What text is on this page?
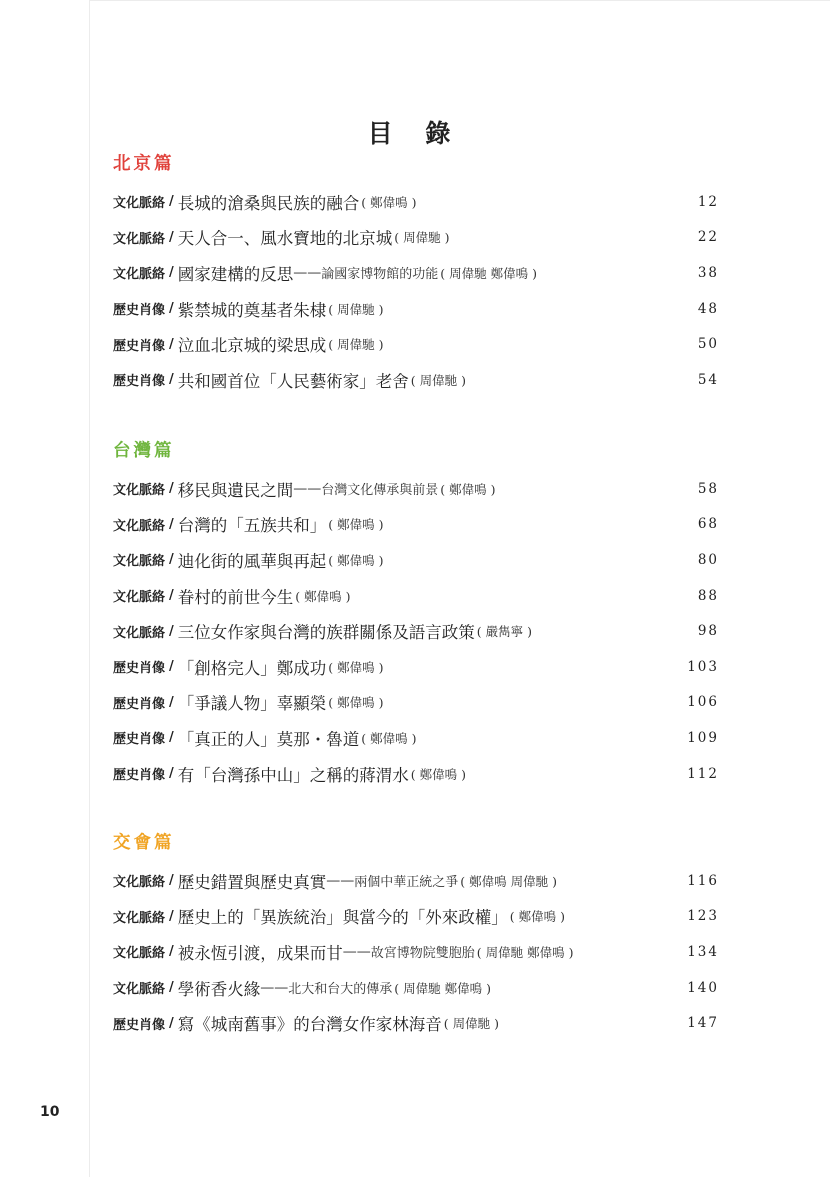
目 錄
北京篇
文化脈絡 / 長城的滄桑與民族的融合 ( 鄭偉鳴 )	12
文化脈絡 / 天人合一、風水寶地的北京城 ( 周偉馳 )	22
文化脈絡 / 國家建構的反思 —— 論國家博物館的功能 ( 周偉馳 鄭偉鳴 )	38
歷史肖像 / 紫禁城的奠基者朱棣 ( 周偉馳 )	48
歷史肖像 / 泣血北京城的梁思成 ( 周偉馳 )	50
歷史肖像 / 共和國首位「人民藝術家」老舍 ( 周偉馳 )	54
台灣篇
文化脈絡 / 移民與遺民之間 —— 台灣文化傳承與前景 ( 鄭偉鳴 )	58
文化脈絡 / 台灣的「五族共和」 ( 鄭偉鳴 )	68
文化脈絡 / 迪化街的風華與再起 ( 鄭偉鳴 )	80
文化脈絡 / 眷村的前世今生 ( 鄭偉鳴 )	88
文化脈絡 / 三位女作家與台灣的族群關係及語言政策 ( 嚴雋寧 )	98
歷史肖像 / 「創格完人」鄭成功 ( 鄭偉鳴 )	103
歷史肖像 / 「爭議人物」辜顯榮 ( 鄭偉鳴 )	106
歷史肖像 / 「真正的人」莫那・魯道 ( 鄭偉鳴 )	109
歷史肖像 / 有「台灣孫中山」之稱的蔣渭水 ( 鄭偉鳴 )	112
交會篇
文化脈絡 / 歷史錯置與歷史真實 —— 兩個中華正統之爭 ( 鄭偉鳴 周偉馳 )	116
文化脈絡 / 歷史上的「異族統治」與當今的「外來政權」 ( 鄭偉鳴 )	123
文化脈絡 / 被永恆引渡，成果而甘 —— 故宮博物院雙胞胎 ( 周偉馳 鄭偉鳴 )	134
文化脈絡 / 學術香火緣 —— 北大和台大的傳承 ( 周偉馳 鄭偉鳴 )	140
歷史肖像 / 寫《城南舊事》的台灣女作家林海音 ( 周偉馳 )	147
10
